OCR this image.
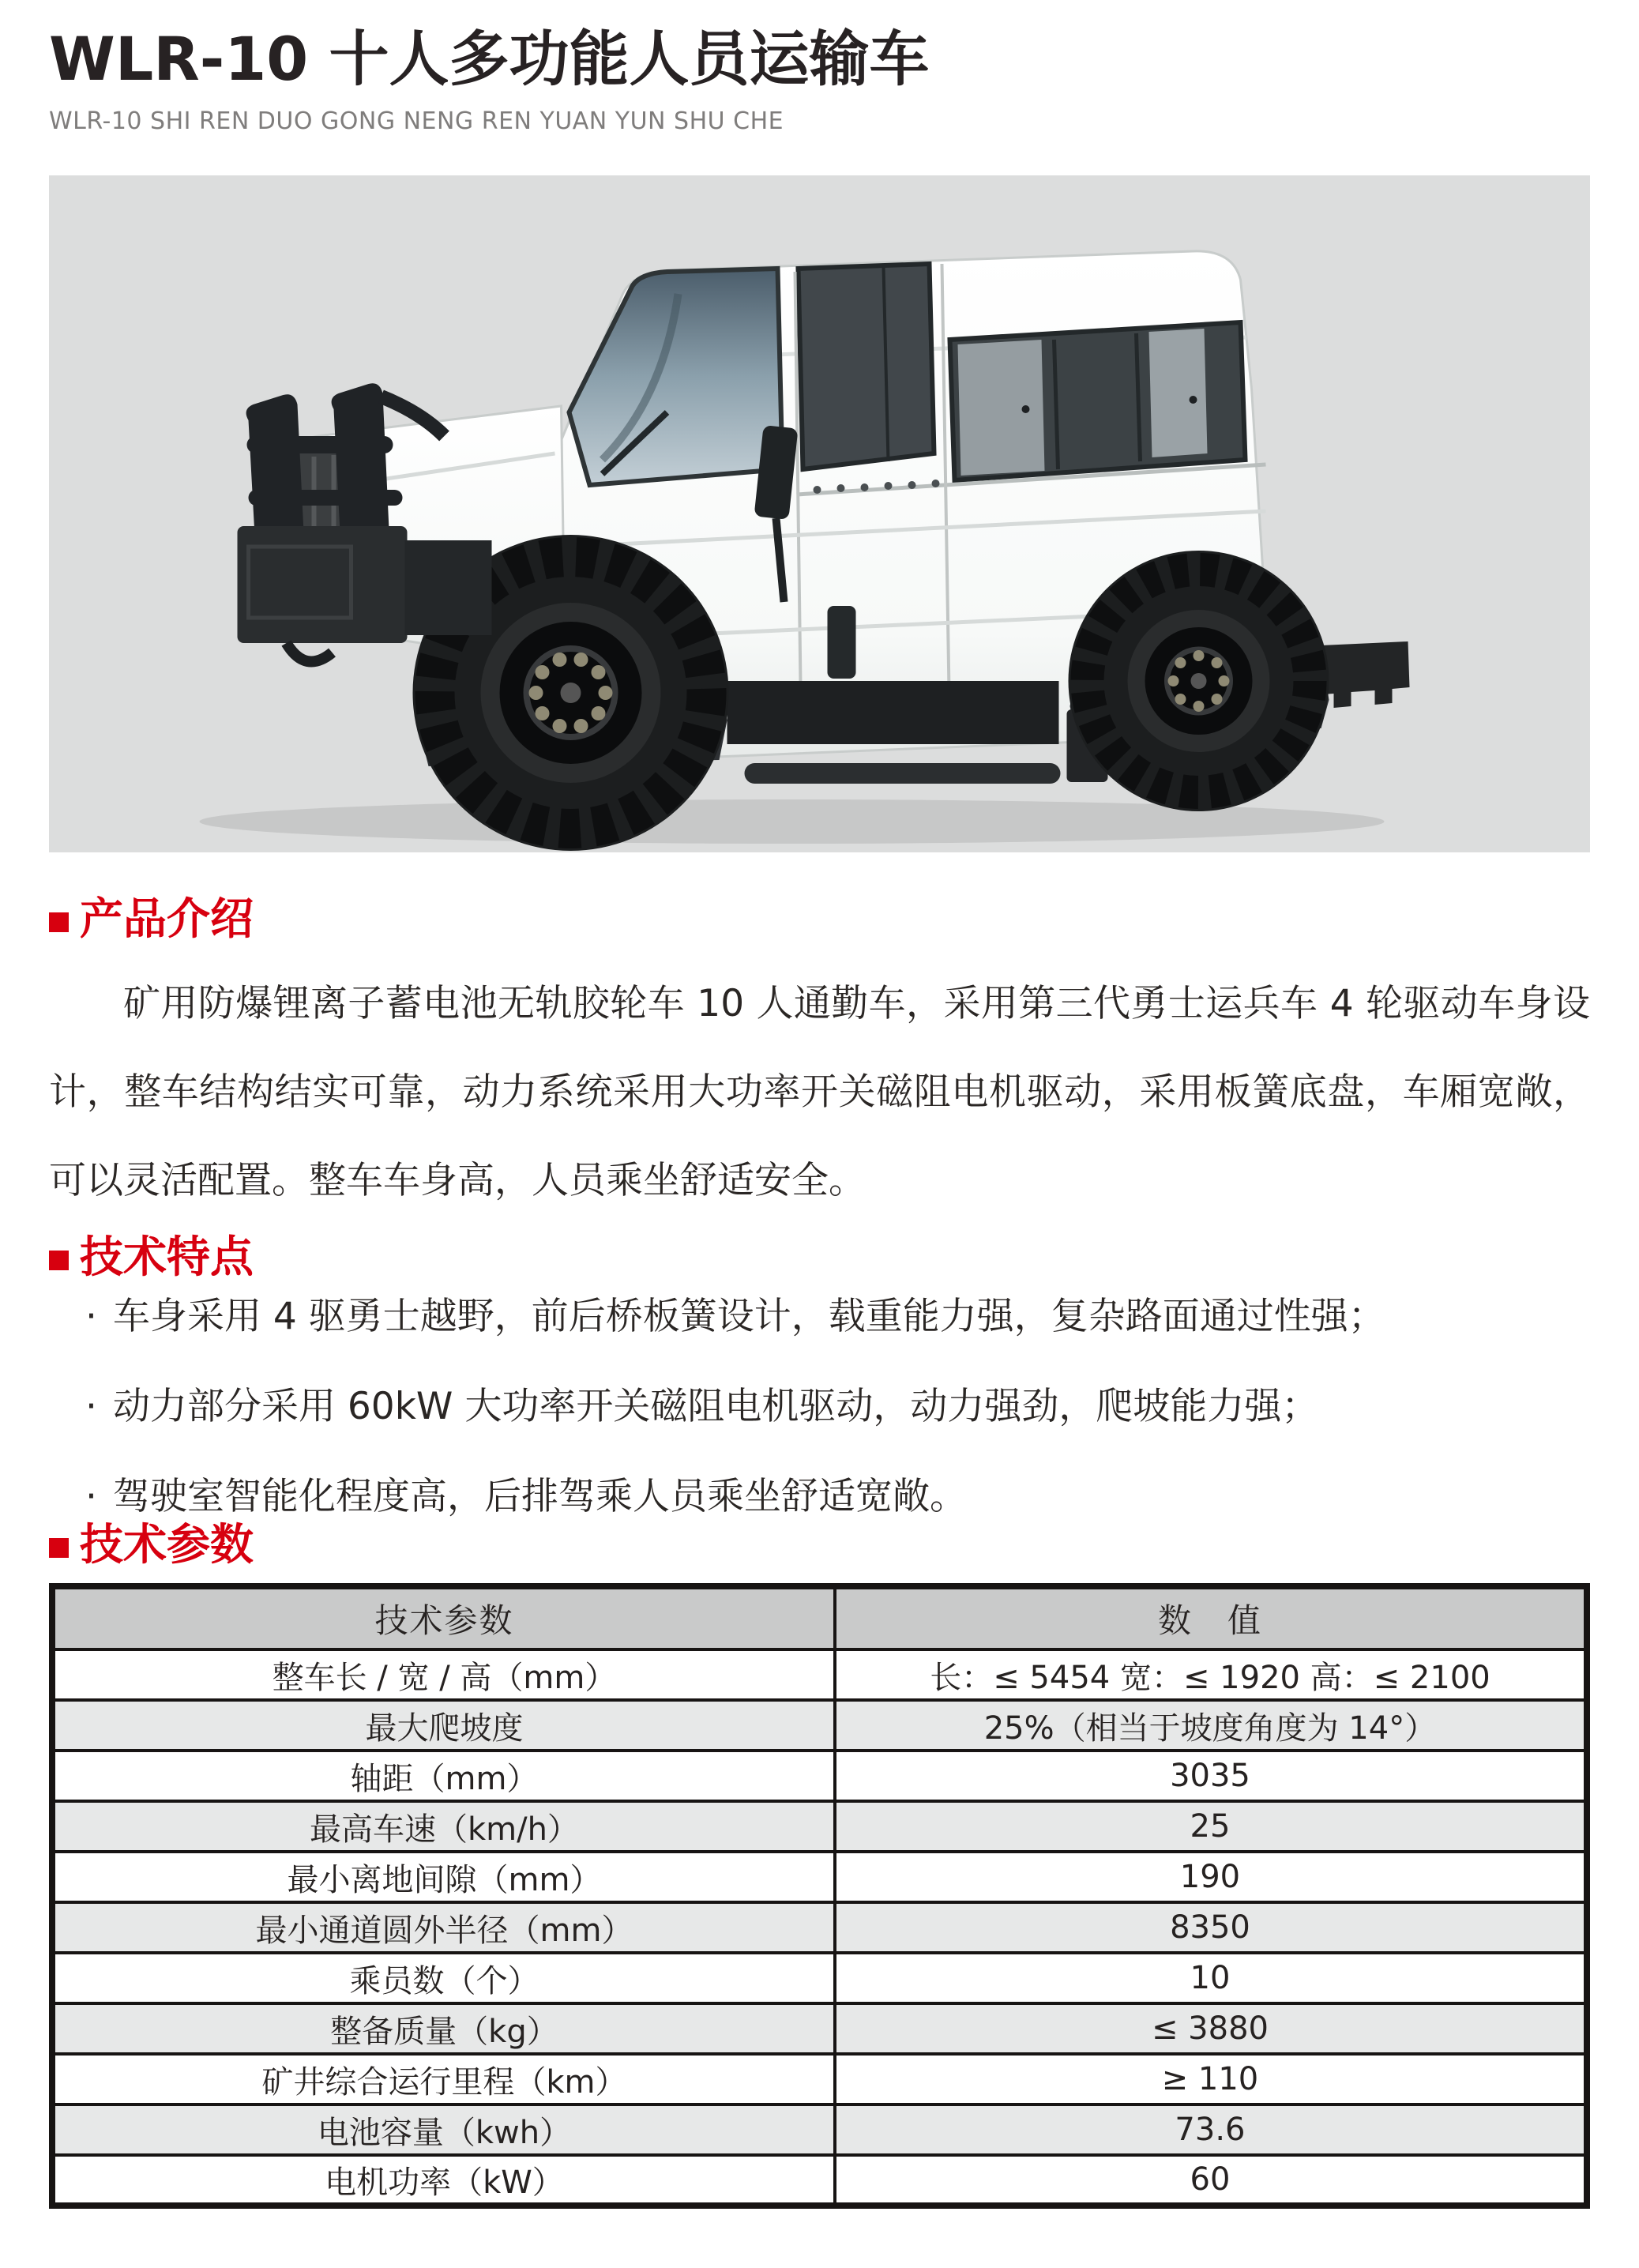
WLR-10 十人多功能人员运输车
WLR-10 SHI REN DUO GONG NENG REN YUAN YUN SHU CHE
产品介绍

矿用防爆锂离子蓄电池无轨胶轮车 10 人通勤车，采用第三代勇士运兵车 4 轮驱动车身设计，整车结构结实可靠，动力系统采用大功率开关磁阻电机驱动，采用板簧底盘，车厢宽敞，可以灵活配置。整车车身高，人员乘坐舒适安全。

技术特点
· 车身采用 4 驱勇士越野，前后桥板簧设计，载重能力强，复杂路面通过性强；
· 动力部分采用 60kW 大功率开关磁阻电机驱动，动力强劲，爬坡能力强；
· 驾驶室智能化程度高，后排驾乘人员乘坐舒适宽敞。
技术参数
技术参数	数　值
整车长 / 宽 / 高（mm）	长：≤ 5454 宽：≤ 1920 高：≤ 2100
最大爬坡度	25%（相当于坡度角度为 14°）
轴距（mm）	3035
最高车速（km/h）	25
最小离地间隙（mm）	190
最小通道圆外半径（mm）	8350
乘员数（个）	10
整备质量（kg）	≤ 3880
矿井综合运行里程（km）	≥ 110
电池容量（kwh）	73.6
电机功率（kW）	60
